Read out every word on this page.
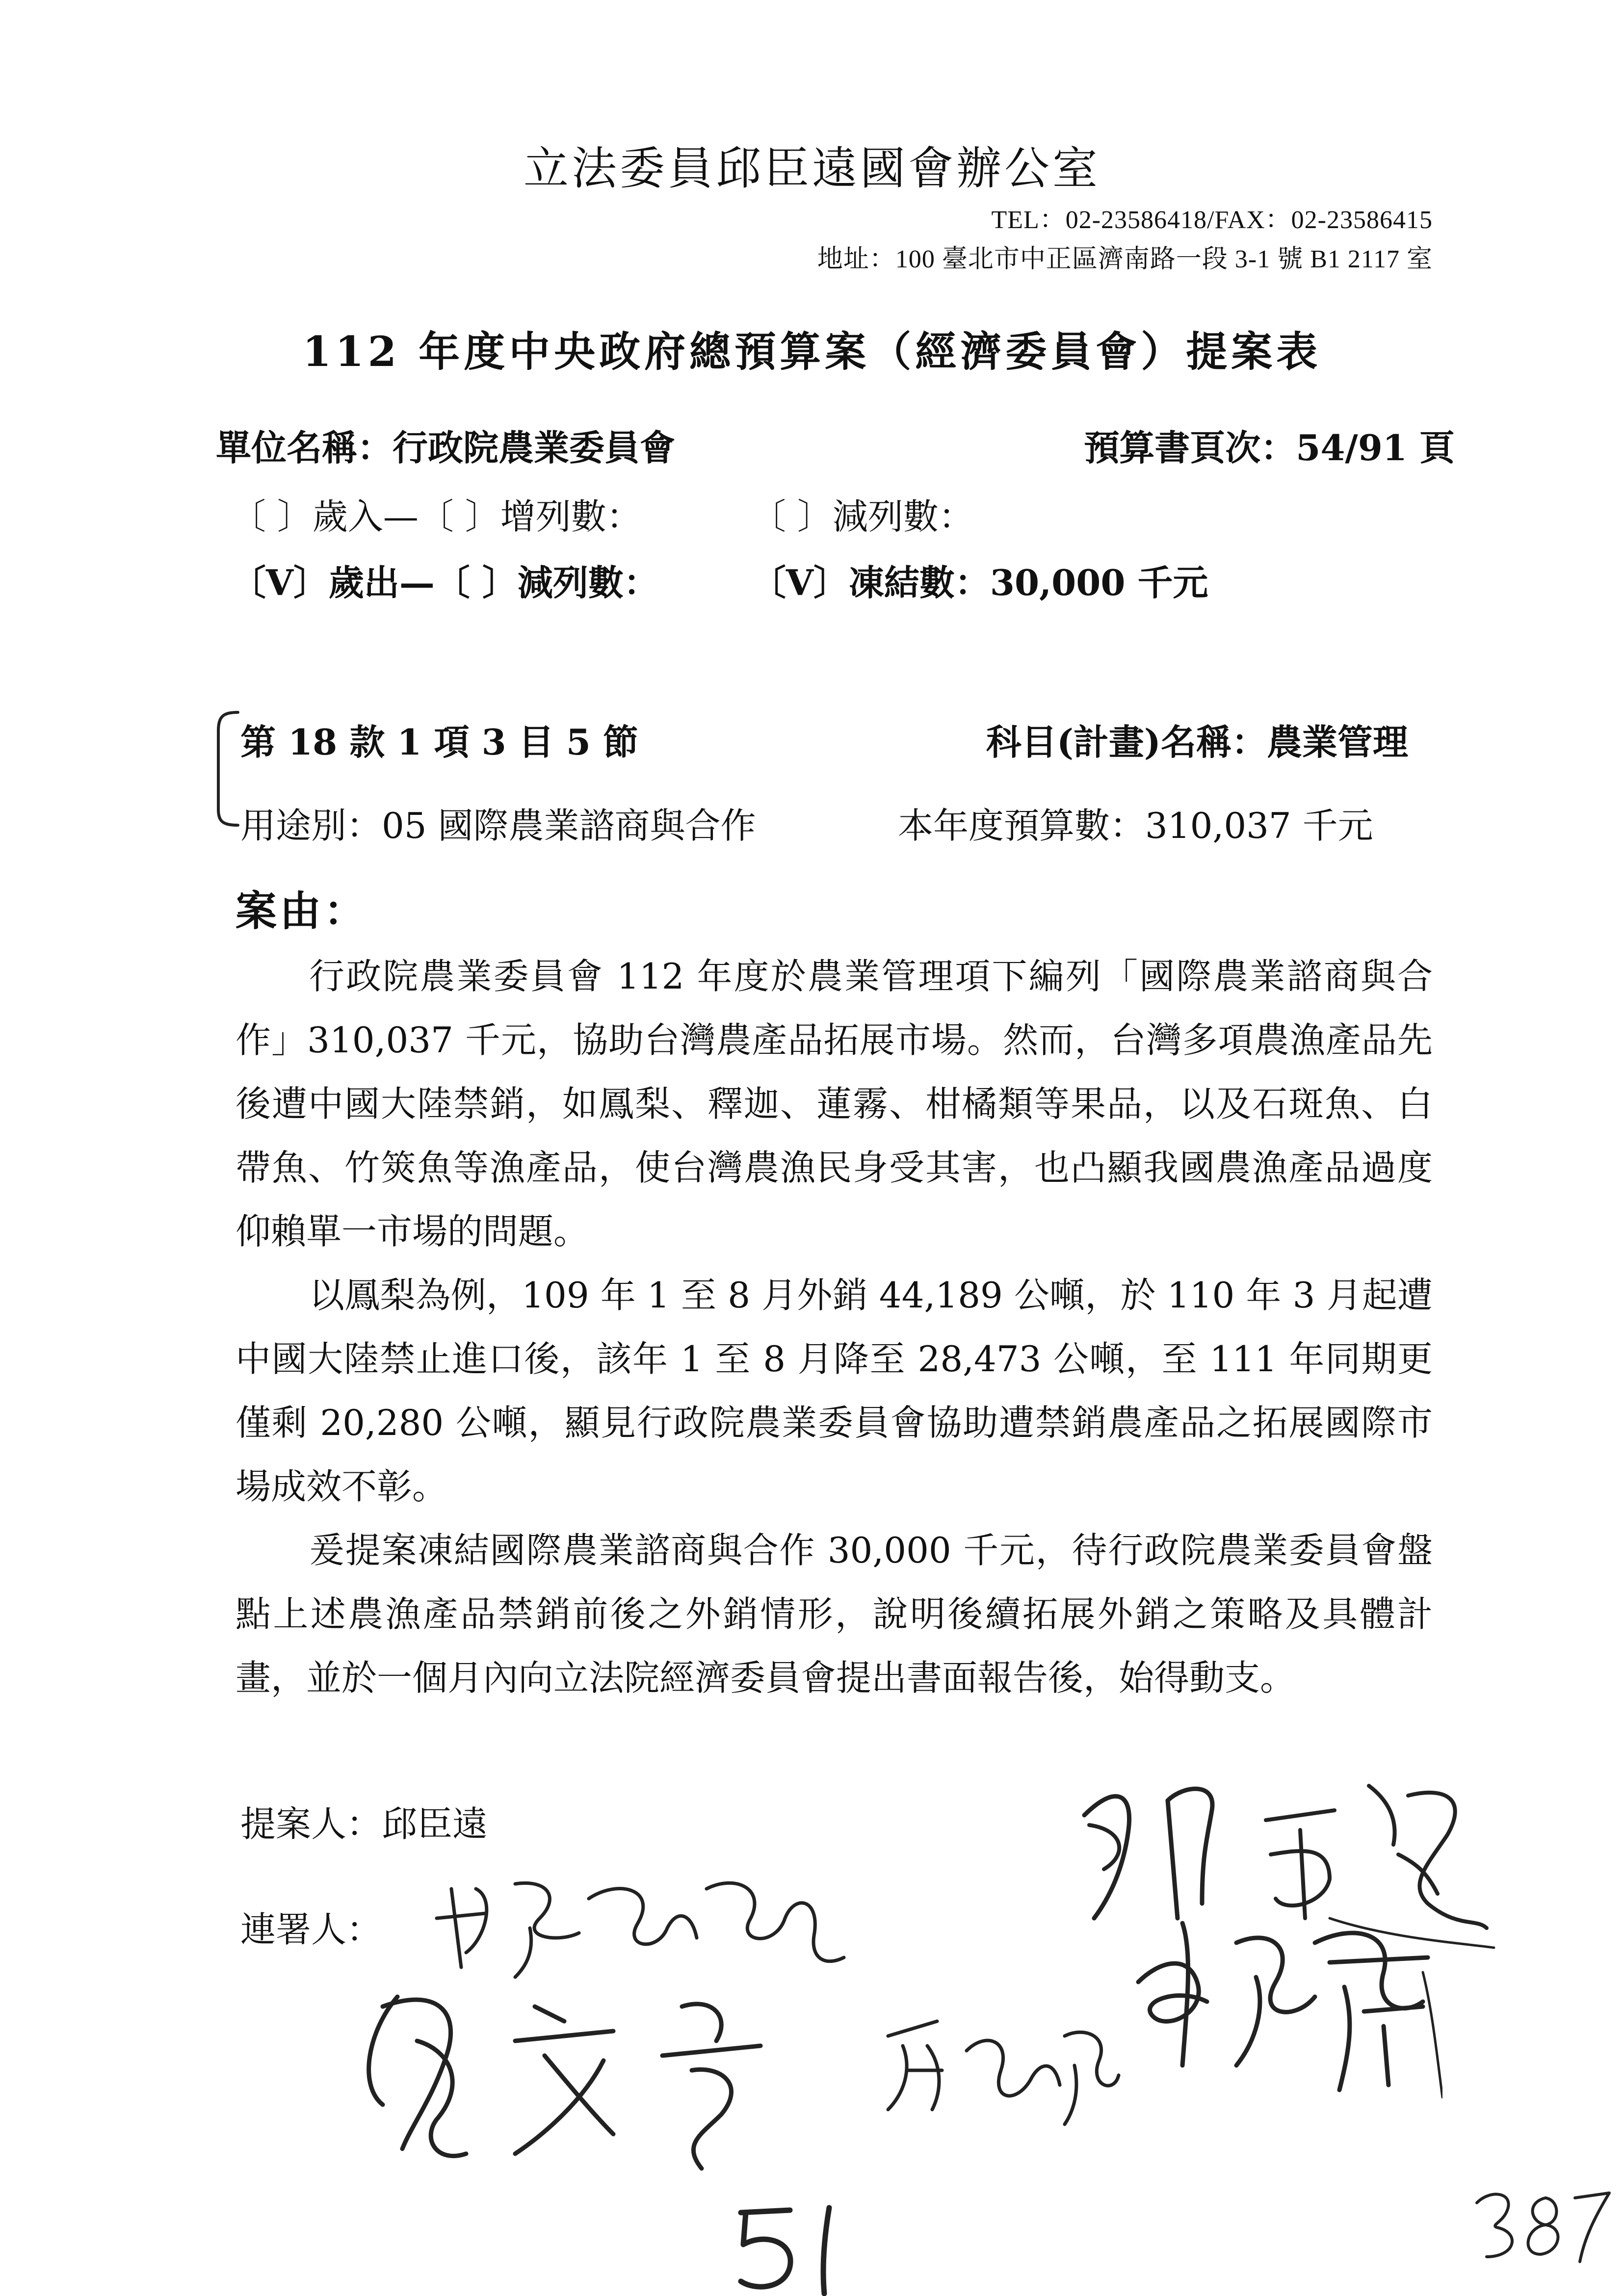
立法委員邱臣遠國會辦公室
TEL：02-23586418/FAX：02-23586415
地址：100 臺北市中正區濟南路一段 3-1 號 B1 2117 室
112 年度中央政府總預算案（經濟委員會）提案表
單位名稱：行政院農業委員會	預算書頁次：54/91 頁
〔 〕歲入—〔 〕增列數：	〔 〕減列數：
〔V〕歲出—〔 〕減列數：	〔V〕凍結數：30,000 千元
第 18 款 1 項 3 目 5 節	科目(計畫)名稱：農業管理
用途別：05 國際農業諮商與合作	本年度預算數：310,037 千元
案由：

行政院農業委員會 112 年度於農業管理項下編列「國際農業諮商與合作」310,037 千元，協助台灣農產品拓展市場。然而，台灣多項農漁產品先後遭中國大陸禁銷，如鳳梨、釋迦、蓮霧、柑橘類等果品，以及石斑魚、白帶魚、竹筴魚等漁產品，使台灣農漁民身受其害，也凸顯我國農漁產品過度仰賴單一市場的問題。

以鳳梨為例，109 年 1 至 8 月外銷 44,189 公噸，於 110 年 3 月起遭中國大陸禁止進口後，該年 1 至 8 月降至 28,473 公噸，至 111 年同期更僅剩 20,280 公噸，顯見行政院農業委員會協助遭禁銷農產品之拓展國際市場成效不彰。

爰提案凍結國際農業諮商與合作 30,000 千元，待行政院農業委員會盤點上述農漁產品禁銷前後之外銷情形，說明後續拓展外銷之策略及具體計畫，並於一個月內向立法院經濟委員會提出書面報告後，始得動支。

提案人：邱臣遠
連署人：
